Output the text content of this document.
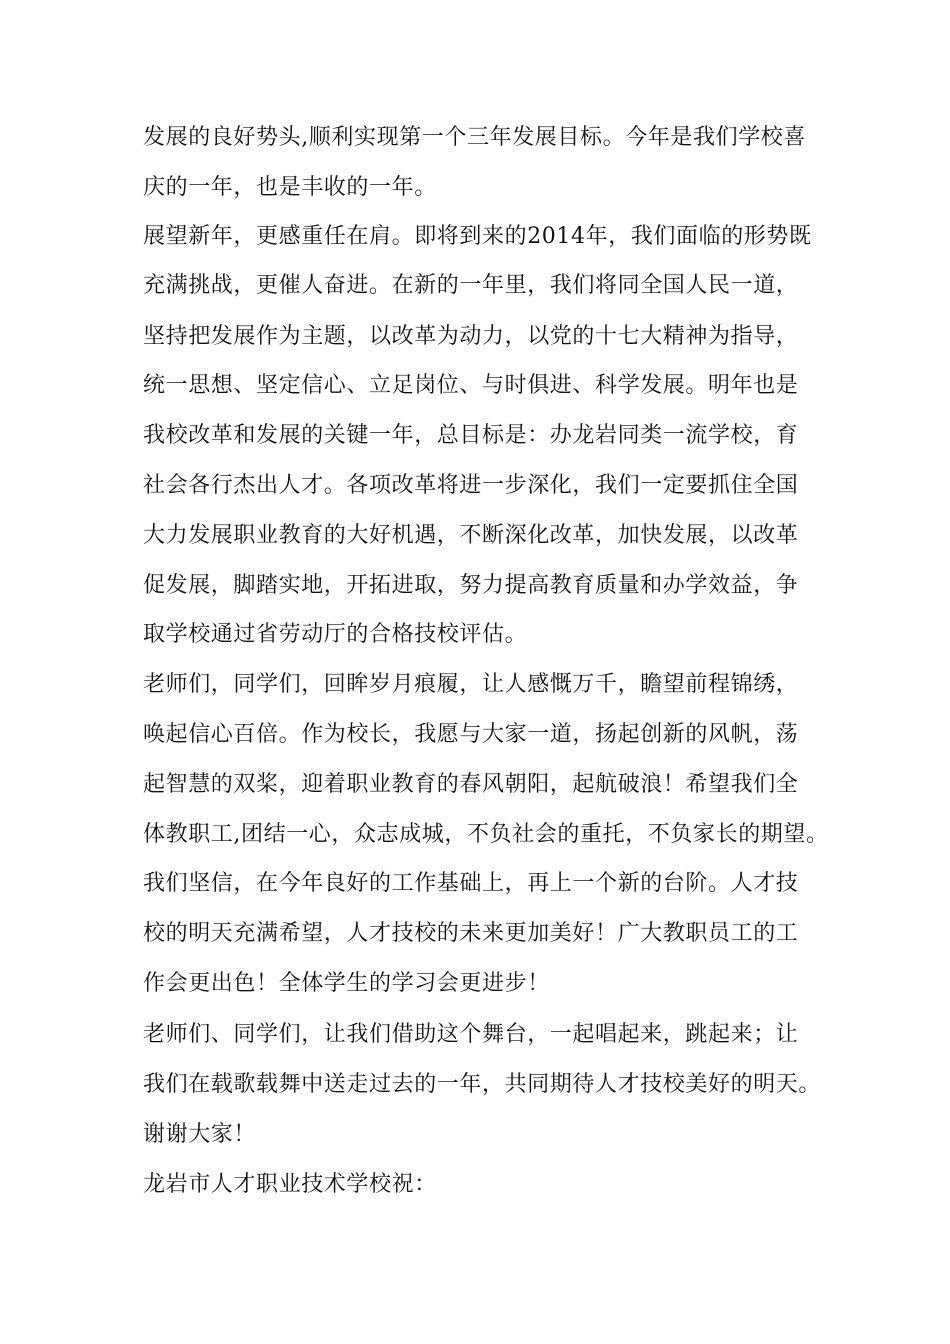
发展的良好势头,顺利实现第一个三年发展目标。今年是我们学校喜
庆的一年，也是丰收的一年。
展望新年，更感重任在肩。即将到来的2014年，我们面临的形势既
充满挑战，更催人奋进。在新的一年里，我们将同全国人民一道，
坚持把发展作为主题，以改革为动力，以党的十七大精神为指导，
统一思想、坚定信心、立足岗位、与时俱进、科学发展。明年也是
我校改革和发展的关键一年，总目标是：办龙岩同类一流学校，育
社会各行杰出人才。各项改革将进一步深化，我们一定要抓住全国
大力发展职业教育的大好机遇，不断深化改革，加快发展，以改革
促发展，脚踏实地，开拓进取，努力提高教育质量和办学效益，争
取学校通过省劳动厅的合格技校评估。
老师们，同学们，回眸岁月痕履，让人感慨万千，瞻望前程锦绣，
唤起信心百倍。作为校长，我愿与大家一道，扬起创新的风帆，荡
起智慧的双桨，迎着职业教育的春风朝阳，起航破浪！希望我们全
体教职工,团结一心，众志成城，不负社会的重托，不负家长的期望。
我们坚信，在今年良好的工作基础上，再上一个新的台阶。人才技
校的明天充满希望，人才技校的未来更加美好！广大教职员工的工
作会更出色！全体学生的学习会更进步！
老师们、同学们，让我们借助这个舞台，一起唱起来，跳起来；让
我们在载歌载舞中送走过去的一年，共同期待人才技校美好的明天。
谢谢大家！
龙岩市人才职业技术学校祝：
